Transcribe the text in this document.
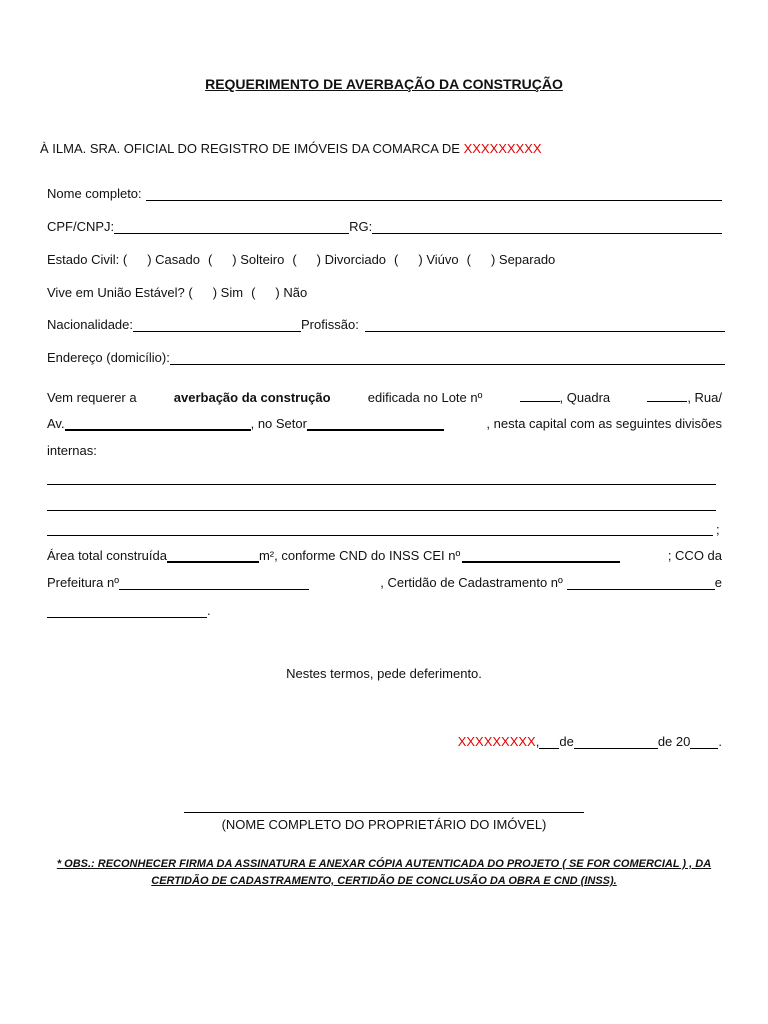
REQUERIMENTO DE AVERBAÇÃO DA CONSTRUÇÃO
À ILMA. SRA. OFICIAL DO REGISTRO DE IMÓVEIS DA COMARCA DE XXXXXXXXX
Nome completo:
CPF/CNPJ:	RG:
Estado Civil: ( ) Casado ( ) Solteiro ( ) Divorciado ( ) Viúvo ( ) Separado
Vive em União Estável? ( ) Sim ( ) Não
Nacionalidade:	Profissão:
Endereço (domicílio):
Vem requerer a	averbação da construção	edificada no Lote nº	, Quadra	, Rua/
Av.	, no Setor	, nesta capital com as seguintes divisões
internas:
;
Área total construída	m², conforme CND do INSS CEI nº	; CCO da
Prefeitura nº	, Certidão de Cadastramento nº	e
.
Nestes termos, pede deferimento.
XXXXXXXXX , de	de 20 .
(NOME COMPLETO DO PROPRIETÁRIO DO IMÓVEL)
* OBS.: RECONHECER FIRMA DA ASSINATURA E ANEXAR CÓPIA AUTENTICADA DO PROJETO ( SE FOR COMERCIAL ) , DA
CERTIDÃO DE CADASTRAMENTO, CERTIDÃO DE CONCLUSÃO DA OBRA E CND (INSS).
